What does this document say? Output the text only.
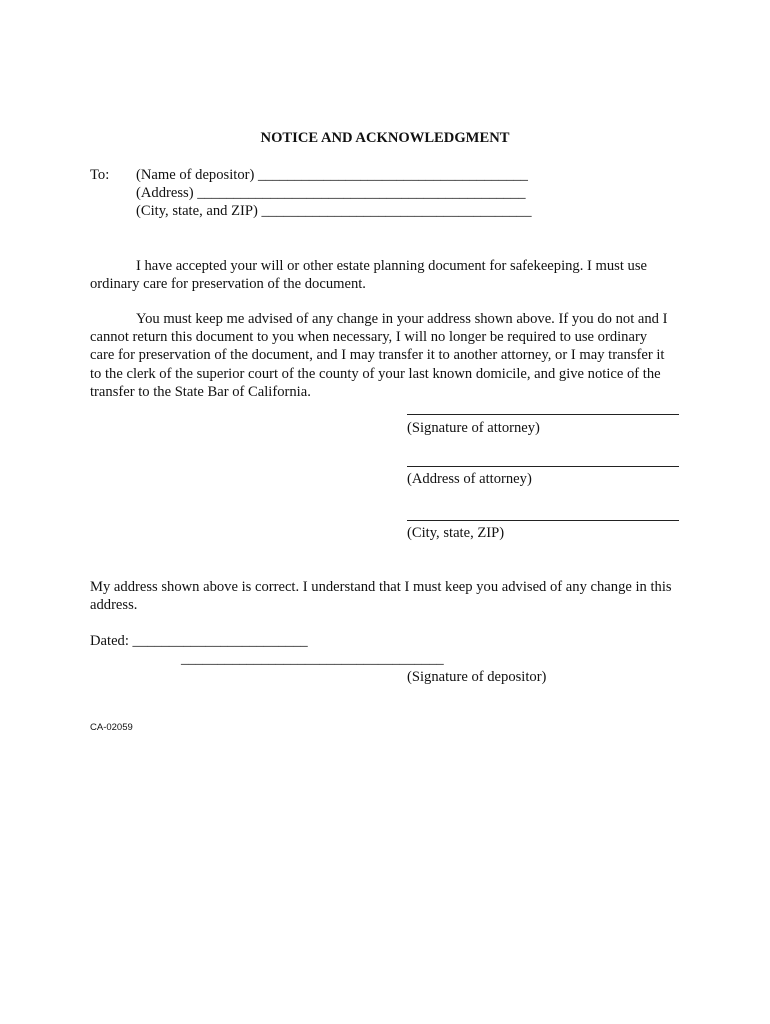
NOTICE AND ACKNOWLEDGMENT
To: (Name of depositor) _____________________________________
(Address) _____________________________________________
(City, state, and ZIP) _____________________________________
I have accepted your will or other estate planning document for safekeeping. I must use ordinary care for preservation of the document.
You must keep me advised of any change in your address shown above. If you do not and I cannot return this document to you when necessary, I will no longer be required to use ordinary care for preservation of the document, and I may transfer it to another attorney, or I may transfer it to the clerk of the superior court of the county of your last known domicile, and give notice of the transfer to the State Bar of California.
(Signature of attorney)
(Address of attorney)
(City, state, ZIP)
My address shown above is correct. I understand that I must keep you advised of any change in this address.
Dated: ________________________
____________________________________
(Signature of depositor)
CA-02059
